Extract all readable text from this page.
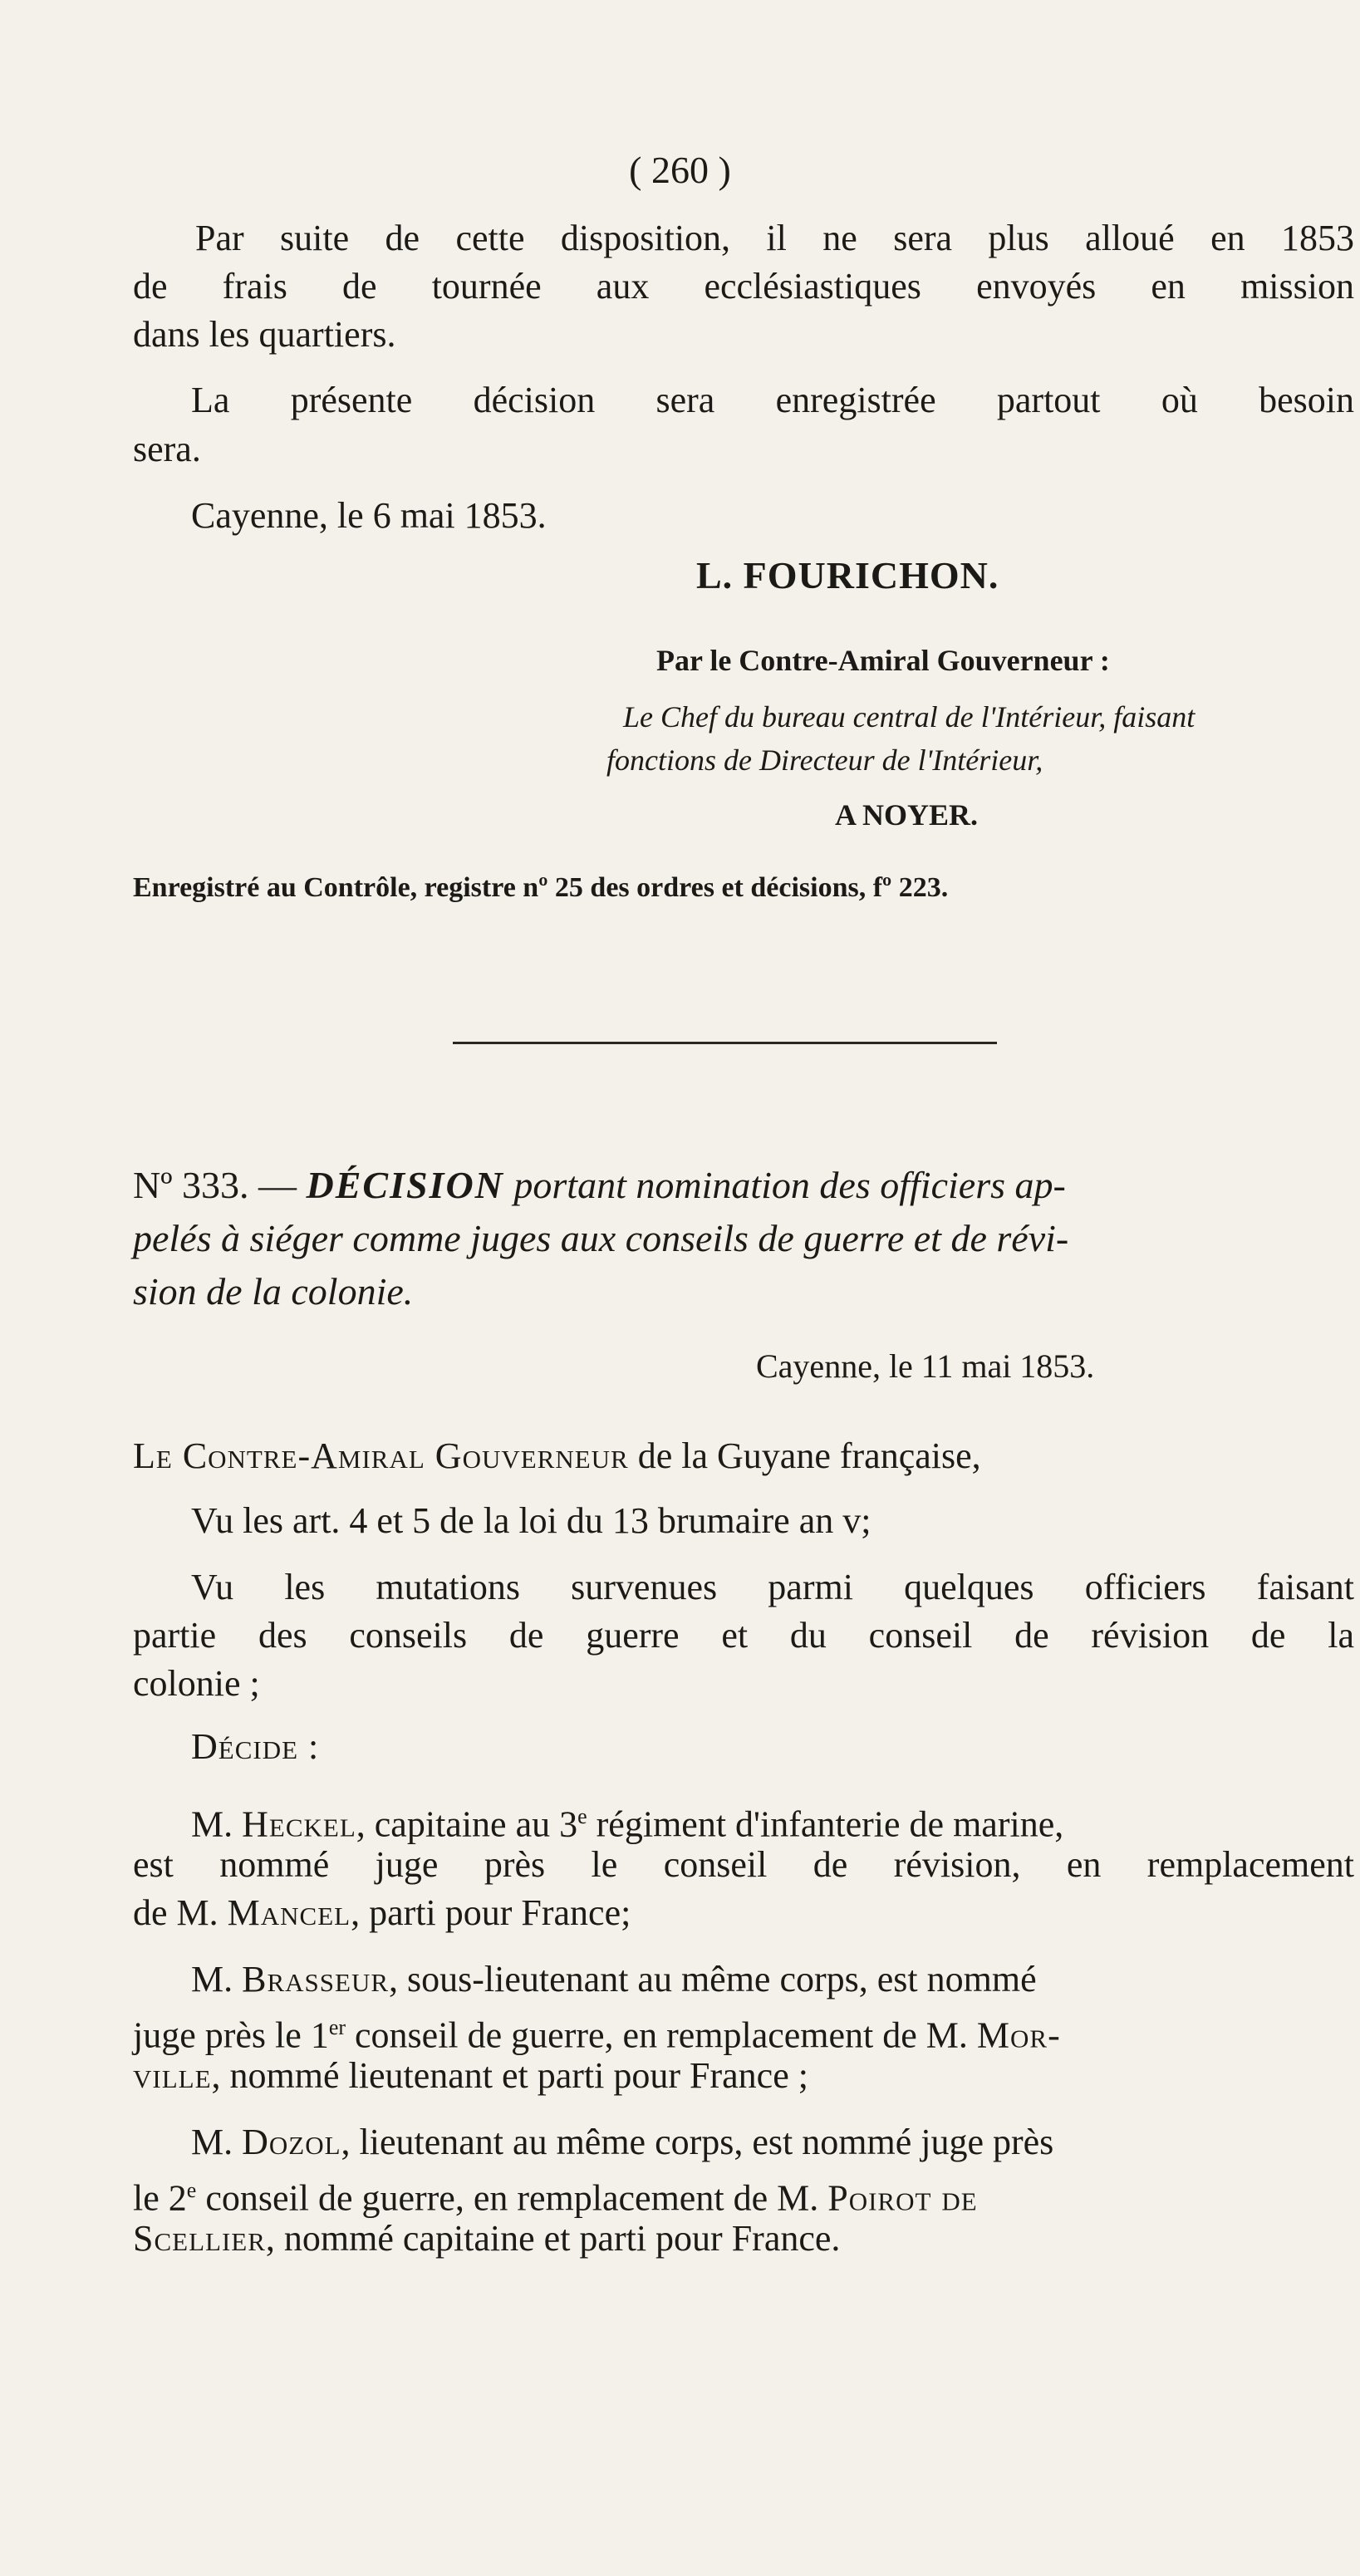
( 260 )
Par suite de cette disposition, il ne sera plus alloué en 1853
de frais de tournée aux ecclésiastiques envoyés en mission
dans les quartiers.
La présente décision sera enregistrée partout où besoin
sera.
Cayenne, le 6 mai 1853.
L. FOURICHON.
Par le Contre-Amiral Gouverneur :
Le Chef du bureau central de l'Intérieur, faisant
fonctions de Directeur de l'Intérieur,
A NOYER.
Enregistré au Contrôle, registre nº 25 des ordres et décisions, fº 223.
Nº 333. — DÉCISION portant nomination des officiers ap-
pelés à siéger comme juges aux conseils de guerre et de révi-
sion de la colonie.
Cayenne, le 11 mai 1853.
Le Contre-Amiral Gouverneur de la Guyane française,
Vu les art. 4 et 5 de la loi du 13 brumaire an v;
Vu les mutations survenues parmi quelques officiers faisant
partie des conseils de guerre et du conseil de révision de la
colonie ;
Décide :
M. Heckel, capitaine au 3e régiment d'infanterie de marine,
est nommé juge près le conseil de révision, en remplacement
de M. Mancel, parti pour France;
M. Brasseur, sous-lieutenant au même corps, est nommé
juge près le 1er conseil de guerre, en remplacement de M. Mor-
ville, nommé lieutenant et parti pour France ;
M. Dozol, lieutenant au même corps, est nommé juge près
le 2e conseil de guerre, en remplacement de M. Poirot de
Scellier, nommé capitaine et parti pour France.
